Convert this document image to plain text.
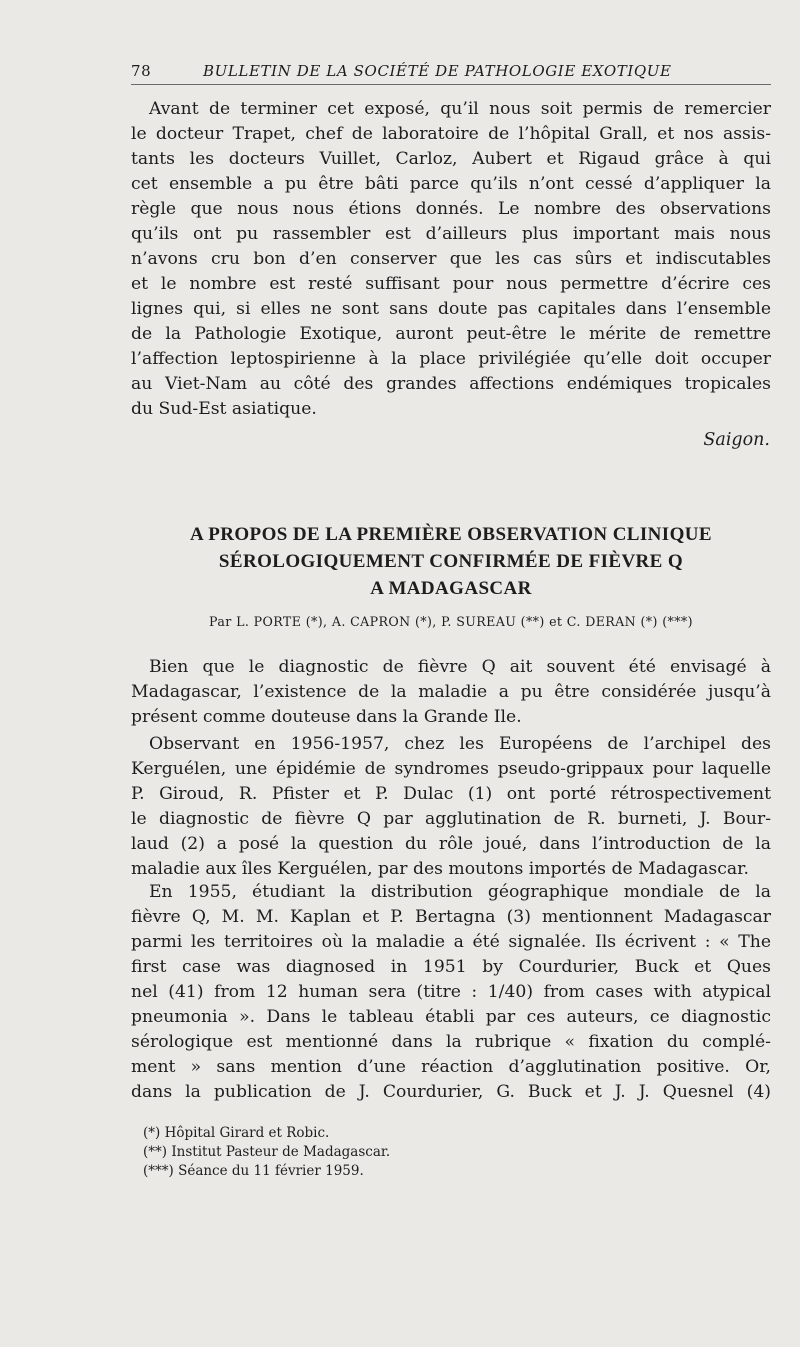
78	BULLETIN DE LA SOCIÉTÉ DE PATHOLOGIE EXOTIQUE
Avant de terminer cet exposé, qu’il nous soit permis de remercier
le docteur Trapet, chef de laboratoire de l’hôpital Grall, et nos assis-
tants les docteurs Vuillet, Carloz, Aubert et Rigaud grâce à qui
cet ensemble a pu être bâti parce qu’ils n’ont cessé d’appliquer la
règle que nous nous étions donnés. Le nombre des observations
qu’ils ont pu rassembler est d’ailleurs plus important mais nous
n’avons cru bon d’en conserver que les cas sûrs et indiscutables
et le nombre est resté suffisant pour nous permettre d’écrire ces
lignes qui, si elles ne sont sans doute pas capitales dans l’ensemble
de la Pathologie Exotique, auront peut-être le mérite de remettre
l’affection leptospirienne à la place privilégiée qu’elle doit occuper
au Viet-Nam au côté des grandes affections endémiques tropicales
du Sud-Est asiatique.
Saigon.
A PROPOS DE LA PREMIÈRE OBSERVATION CLINIQUE
SÉROLOGIQUEMENT CONFIRMÉE DE FIÈVRE Q
A MADAGASCAR
Par L. PORTE (*), A. CAPRON (*), P. SUREAU (**) et C. DERAN (*) (***)
Bien que le diagnostic de fièvre Q ait souvent été envisagé à
Madagascar, l’existence de la maladie a pu être considérée jusqu’à
présent comme douteuse dans la Grande Ile.
Observant en 1956-1957, chez les Européens de l’archipel des
Kerguélen, une épidémie de syndromes pseudo-grippaux pour laquelle
P. Giroud, R. Pfister et P. Dulac (1) ont porté rétrospectivement
le diagnostic de fièvre Q par agglutination de R. burneti, J. Bour-
laud (2) a posé la question du rôle joué, dans l’introduction de la
maladie aux îles Kerguélen, par des moutons importés de Madagascar.
En 1955, étudiant la distribution géographique mondiale de la
fièvre Q, M. M. Kaplan et P. Bertagna (3) mentionnent Madagascar
parmi les territoires où la maladie a été signalée. Ils écrivent : « The
first case was diagnosed in 1951 by Courdurier, Buck et Ques
nel (41) from 12 human sera (titre : 1/40) from cases with atypical
pneumonia ». Dans le tableau établi par ces auteurs, ce diagnostic
sérologique est mentionné dans la rubrique « fixation du complé-
ment » sans mention d’une réaction d’agglutination positive. Or,
dans la publication de J. Courdurier, G. Buck et J. J. Quesnel (4)
(*) Hôpital Girard et Robic.
(**) Institut Pasteur de Madagascar.
(***) Séance du 11 février 1959.
